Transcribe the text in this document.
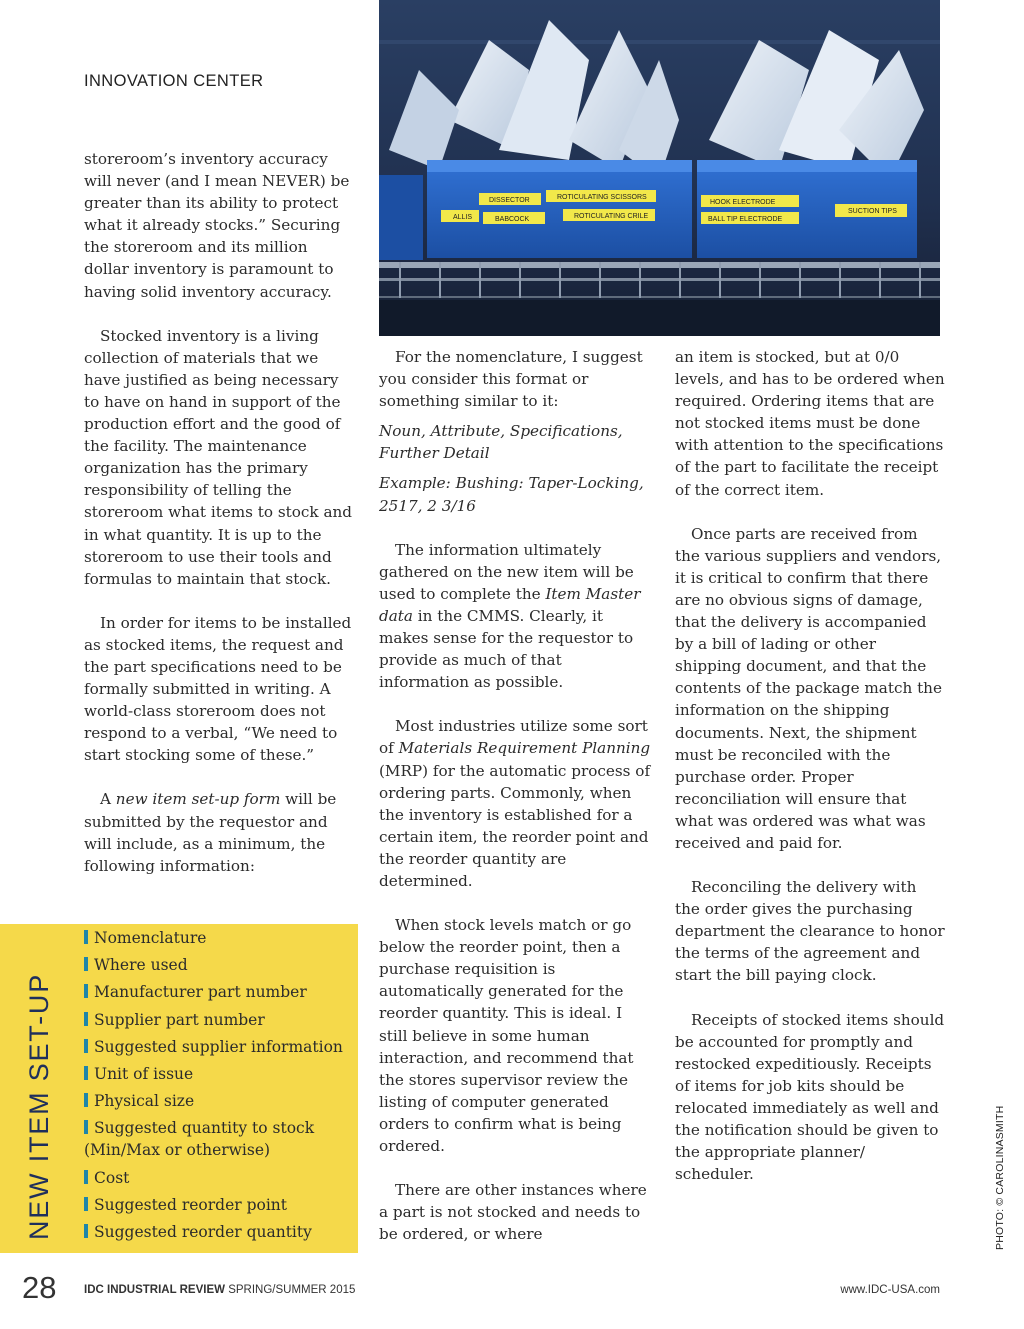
INNOVATION CENTER
DISSECTOR	ROTICULATING SCISSORS
ALLIS	BABCOCK	ROTICULATING CRILE
HOOK ELECTRODE
BALL TIP ELECTRODE
SUCTION TIPS

storeroom’s inventory accuracy will never (and I mean NEVER) be greater than its ability to protect what it already stocks.” Securing the storeroom and its million dollar inventory is paramount to having solid inventory accuracy.

Stocked inventory is a living collection of materials that we have justified as being necessary to have on hand in support of the production effort and the good of the facility. The maintenance organization has the primary responsibility of telling the storeroom what items to stock and in what quantity. It is up to the storeroom to use their tools and formulas to maintain that stock.

In order for items to be installed as stocked items, the request and the part specifications need to be formally submitted in writing. A world-class storeroom does not respond to a verbal, “We need to start stocking some of these.”

A new item set-up form will be submitted by the requestor and will include, as a minimum, the following information:

NEW ITEM SET-UP
Nomenclature
Where used
Manufacturer part number
Supplier part number
Suggested supplier information
Unit of issue
Physical size
Suggested quantity to stock (Min/Max or otherwise)
Cost
Suggested reorder point
Suggested reorder quantity

For the nomenclature, I suggest you consider this format or something similar to it:

Noun, Attribute, Specifications, Further Detail

Example: Bushing: Taper-Locking, 2517, 2 3/16

The information ultimately gathered on the new item will be used to complete the Item Master data in the CMMS. Clearly, it makes sense for the requestor to provide as much of that information as possible.

Most industries utilize some sort of Materials Requirement Planning (MRP) for the automatic process of ordering parts. Commonly, when the inventory is established for a certain item, the reorder point and the reorder quantity are determined.

When stock levels match or go below the reorder point, then a purchase requisition is automatically generated for the reorder quantity. This is ideal. I still believe in some human interaction, and recommend that the stores supervisor review the listing of computer generated orders to confirm what is being ordered.

There are other instances where a part is not stocked and needs to be ordered, or where

an item is stocked, but at 0/0 levels, and has to be ordered when required. Ordering items that are not stocked items must be done with attention to the specifications of the part to facilitate the receipt of the correct item.

Once parts are received from the various suppliers and vendors, it is critical to confirm that there are no obvious signs of damage, that the delivery is accompanied by a bill of lading or other shipping document, and that the contents of the package match the information on the shipping documents. Next, the shipment must be reconciled with the purchase order. Proper reconciliation will ensure that what was ordered was what was received and paid for.

Reconciling the delivery with the order gives the purchasing department the clearance to honor the terms of the agreement and start the bill paying clock.

Receipts of stocked items should be accounted for promptly and restocked expeditiously. Receipts of items for job kits should be relocated immediately as well and the notification should be given to the appropriate planner/ scheduler.	PHOTO: © CAROLINASMITH
28 IDC INDUSTRIAL REVIEW SPRING/SUMMER 2015	www.IDC-USA.com
